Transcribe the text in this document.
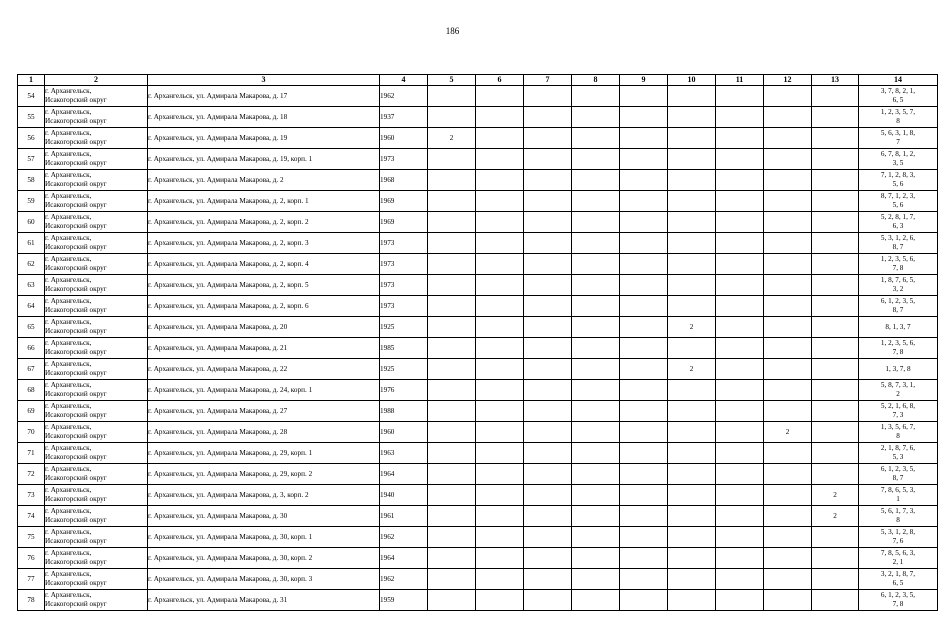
186
1	2	3	4	5	6	7	8	9	10	11	12	13	14
54	г. Архангельск,
Исакогорский округ	г. Архангельск, ул. Адмирала Макарова, д. 17	1962										3, 7, 8, 2, 1,
6, 5

55	г. Архангельск,
Исакогорский округ	г. Архангельск, ул. Адмирала Макарова, д. 18	1937										1, 2, 3, 5, 7,
8

56	г. Архангельск,
Исакогорский округ	г. Архангельск, ул. Адмирала Макарова, д. 19	1960	2									5, 6, 3, 1, 8,
7

57	г. Архангельск,
Исакогорский округ	г. Архангельск, ул. Адмирала Макарова, д. 19, корп. 1	1973										6, 7, 8, 1, 2,
3, 5

58	г. Архангельск,
Исакогорский округ	г. Архангельск, ул. Адмирала Макарова, д. 2	1968										7, 1, 2, 8, 3,
5, 6

59	г. Архангельск,
Исакогорский округ	г. Архангельск, ул. Адмирала Макарова, д. 2, корп. 1	1969										8, 7, 1, 2, 3,
5, 6

60	г. Архангельск,
Исакогорский округ	г. Архангельск, ул. Адмирала Макарова, д. 2, корп. 2	1969										5, 2, 8, 1, 7,
6, 3

61	г. Архангельск,
Исакогорский округ	г. Архангельск, ул. Адмирала Макарова, д. 2, корп. 3	1973										5, 3, 1, 2, 6,
8, 7

62	г. Архангельск,
Исакогорский округ	г. Архангельск, ул. Адмирала Макарова, д. 2, корп. 4	1973										1, 2, 3, 5, 6,
7, 8

63	г. Архангельск,
Исакогорский округ	г. Архангельск, ул. Адмирала Макарова, д. 2, корп. 5	1973										1, 8, 7, 6, 5,
3, 2

64	г. Архангельск,
Исакогорский округ	г. Архангельск, ул. Адмирала Макарова, д. 2, корп. 6	1973										6, 1, 2, 3, 5,
8, 7

65	г. Архангельск,
Исакогорский округ	г. Архангельск, ул. Адмирала Макарова, д. 20	1925						2				8, 1, 3, 7

66	г. Архангельск,
Исакогорский округ	г. Архангельск, ул. Адмирала Макарова, д. 21	1985										1, 2, 3, 5, 6,
7, 8

67	г. Архангельск,
Исакогорский округ	г. Архангельск, ул. Адмирала Макарова, д. 22	1925						2				1, 3, 7, 8

68	г. Архангельск,
Исакогорский округ	г. Архангельск, ул. Адмирала Макарова, д. 24, корп. 1	1976										5, 8, 7, 3, 1,
2

69	г. Архангельск,
Исакогорский округ	г. Архангельск, ул. Адмирала Макарова, д. 27	1988										5, 2, 1, 6, 8,
7, 3

70	г. Архангельск,
Исакогорский округ	г. Архангельск, ул. Адмирала Макарова, д. 28	1960								2		1, 3, 5, 6, 7,
8

71	г. Архангельск,
Исакогорский округ	г. Архангельск, ул. Адмирала Макарова, д. 29, корп. 1	1963										2, 1, 8, 7, 6,
5, 3

72	г. Архангельск,
Исакогорский округ	г. Архангельск, ул. Адмирала Макарова, д. 29, корп. 2	1964										6, 1, 2, 3, 5,
8, 7

73	г. Архангельск,
Исакогорский округ	г. Архангельск, ул. Адмирала Макарова, д. 3, корп. 2	1940									2	7, 8, 6, 5, 3,
1

74	г. Архангельск,
Исакогорский округ	г. Архангельск, ул. Адмирала Макарова, д. 30	1961									2	5, 6, 1, 7, 3,
8

75	г. Архангельск,
Исакогорский округ	г. Архангельск, ул. Адмирала Макарова, д. 30, корп. 1	1962										5, 3, 1, 2, 8,
7, 6

76	г. Архангельск,
Исакогорский округ	г. Архангельск, ул. Адмирала Макарова, д. 30, корп. 2	1964										7, 8, 5, 6, 3,
2, 1

77	г. Архангельск,
Исакогорский округ	г. Архангельск, ул. Адмирала Макарова, д. 30, корп. 3	1962										3, 2, 1, 8, 7,
6, 5

78	г. Архангельск,
Исакогорский округ	г. Архангельск, ул. Адмирала Макарова, д. 31	1959										6, 1, 2, 3, 5,
7, 8
